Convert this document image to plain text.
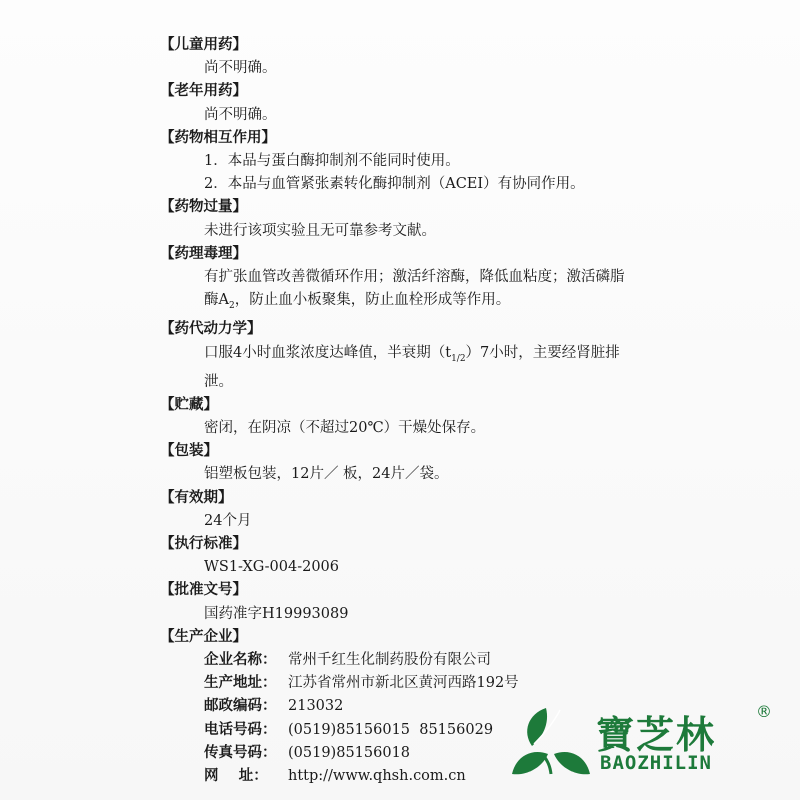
【儿童用药】
尚不明确。
【老年用药】
尚不明确。
【药物相互作用】
1．本品与蛋白酶抑制剂不能同时使用。
2．本品与血管紧张素转化酶抑制剂（ACEI）有协同作用。
【药物过量】
未进行该项实验且无可靠参考文献。
【药理毒理】
有扩张血管改善微循环作用；激活纤溶酶，降低血粘度；激活磷脂酶$A_2$，防止血小板聚集，防止血栓形成等作用。
【药代动力学】
口服4小时血浆浓度达峰值，半衰期$(t_{1/2})7$小时，主要经肾脏排泄。
【贮藏】
密闭，在阴凉（不超过20℃）干燥处保存。
【包装】
铝塑板包装，12片／ 板，24片／袋。
【有效期】
24个月
【执行标准】
WS1-XG-004-2006
【批准文号】
国药准字H19993089
【生产企业】
企业名称： 常州千红生化制药股份有限公司
生产地址： 江苏省常州市新北区黄河西路192号
邮政编码： 213032
电话号码： (0519)85156015  85156029
传真号码： (0519)85156018
网    址： http://www.qhsh.com.cn
寶芝林
®
BAOZHILIN
